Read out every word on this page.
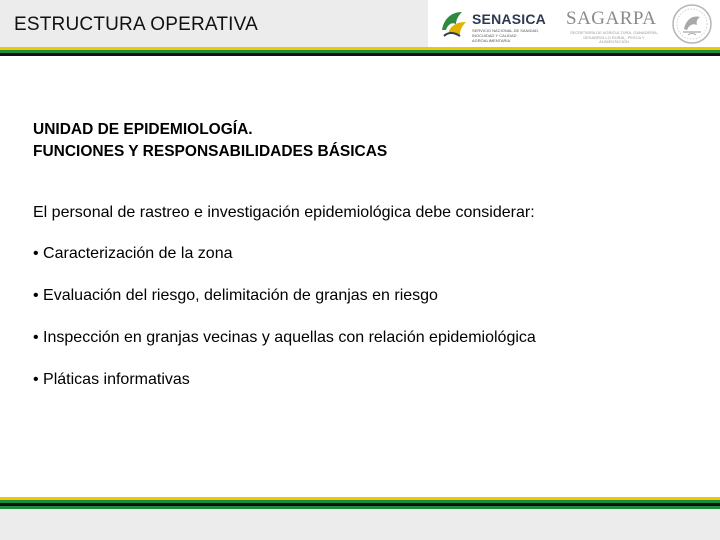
ESTRUCTURA OPERATIVA	SENASICA
SERVICIO NACIONAL DE SANIDAD, INOCUIDAD Y CALIDAD AGROALIMENTARIA
SAGARPA
SECRETARÍA DE AGRICULTURA, GANADERÍA, DESARROLLO RURAL, PESCA Y ALIMENTACIÓN

UNIDAD DE EPIDEMIOLOGÍA.

FUNCIONES Y RESPONSABILIDADES BÁSICAS

El personal de rastreo e investigación epidemiológica debe considerar:

• Caracterización de la zona
• Evaluación del riesgo, delimitación de granjas en riesgo
• Inspección en granjas vecinas y aquellas con relación epidemiológica
• Pláticas informativas
